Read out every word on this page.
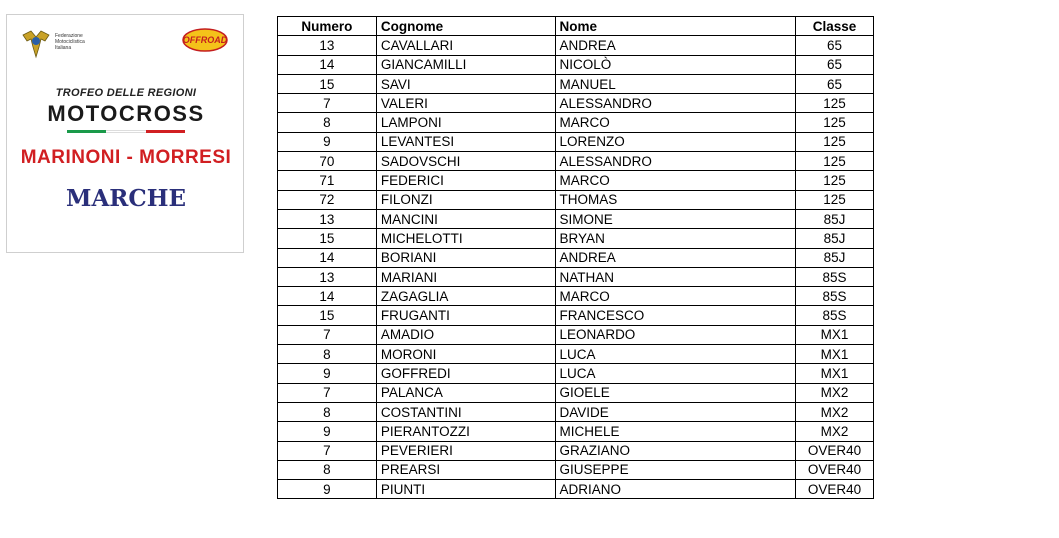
Federazione Motociclistica Italiana
OFFROAD
TROFEO DELLE REGIONI
MOTOCROSS
MARINONI - MORRESI
MARCHE
Numero	Cognome	Nome	Classe
13	CAVALLARI	ANDREA	65
14	GIANCAMILLI	NICOLÒ	65
15	SAVI	MANUEL	65
7	VALERI	ALESSANDRO	125
8	LAMPONI	MARCO	125
9	LEVANTESI	LORENZO	125
70	SADOVSCHI	ALESSANDRO	125
71	FEDERICI	MARCO	125
72	FILONZI	THOMAS	125
13	MANCINI	SIMONE	85J
15	MICHELOTTI	BRYAN	85J
14	BORIANI	ANDREA	85J
13	MARIANI	NATHAN	85S
14	ZAGAGLIA	MARCO	85S
15	FRUGANTI	FRANCESCO	85S
7	AMADIO	LEONARDO	MX1
8	MORONI	LUCA	MX1
9	GOFFREDI	LUCA	MX1
7	PALANCA	GIOELE	MX2
8	COSTANTINI	DAVIDE	MX2
9	PIERANTOZZI	MICHELE	MX2
7	PEVERIERI	GRAZIANO	OVER40
8	PREARSI	GIUSEPPE	OVER40
9	PIUNTI	ADRIANO	OVER40
